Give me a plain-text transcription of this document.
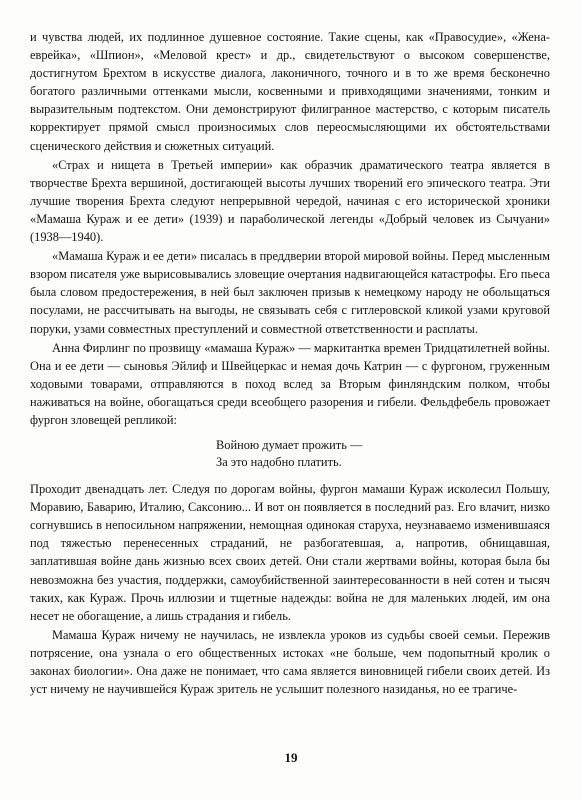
и чувства людей, их подлинное душевное состояние. Такие сцены, как «Правосудие», «Жена-еврейка», «Шпион», «Меловой крест» и др., свидетельствуют о высоком совершенстве, достигнутом Брехтом в искусстве диалога, лаконичного, точного и в то же время бесконечно богатого различными оттенками мысли, косвенными и привходящими значениями, тонким и выразительным подтекстом. Они демонстрируют филигранное мастерство, с которым писатель корректирует прямой смысл произносимых слов переосмысляющими их обстоятельствами сценического действия и сюжетных ситуаций.

«Страх и нищета в Третьей империи» как образчик драматического театра является в творчестве Брехта вершиной, достигающей высоты лучших творений его эпического театра. Эти лучшие творения Брехта следуют непрерывной чередой, начиная с его исторической хроники «Мамаша Кураж и ее дети» (1939) и параболической легенды «Добрый человек из Сычуани» (1938—1940).

«Мамаша Кураж и ее дети» писалась в преддверии второй мировой войны. Перед мысленным взором писателя уже вырисовывались зловещие очертания надвигающейся катастрофы. Его пьеса была словом предостережения, в ней был заключен призыв к немецкому народу не обольщаться посулами, не рассчитывать на выгоды, не связывать себя с гитлеровской кликой узами круговой поруки, узами совместных преступлений и совместной ответственности и расплаты.

Анна Фирлинг по прозвищу «мамаша Кураж» — маркитантка времен Тридцатилетней войны. Она и ее дети — сыновья Эйлиф и Швейцеркас и немая дочь Катрин — с фургоном, груженным ходовыми товарами, отправляются в поход вслед за Вторым финляндским полком, чтобы наживаться на войне, обогащаться среди всеобщего разорения и гибели. Фельдфебель провожает фургон зловещей репликой:

Войною думает прожить —
За это надобно платить.

Проходит двенадцать лет. Следуя по дорогам войны, фургон мамаши Кураж исколесил Польшу, Моравию, Баварию, Италию, Саксонию... И вот он появляется в последний раз. Его влачит, низко согнувшись в непосильном напряжении, немощная одинокая старуха, неузнаваемо изменившаяся под тяжестью перенесенных страданий, не разбогатевшая, а, напротив, обнищавшая, заплатившая войне дань жизнью всех своих детей. Они стали жертвами войны, которая была бы невозможна без участия, поддержки, самоубийственной заинтересованности в ней сотен и тысяч таких, как Кураж. Прочь иллюзии и тщетные надежды: война не для маленьких людей, им она несет не обогащение, а лишь страдания и гибель.

Мамаша Кураж ничему не научилась, не извлекла уроков из судьбы своей семьи. Пережив потрясение, она узнала о его общественных истоках «не больше, чем подопытный кролик о законах биологии». Она даже не понимает, что сама является виновницей гибели своих детей. Из уст ничему не научившейся Кураж зритель не услышит полезного назиданья, но ее трагиче-

19
